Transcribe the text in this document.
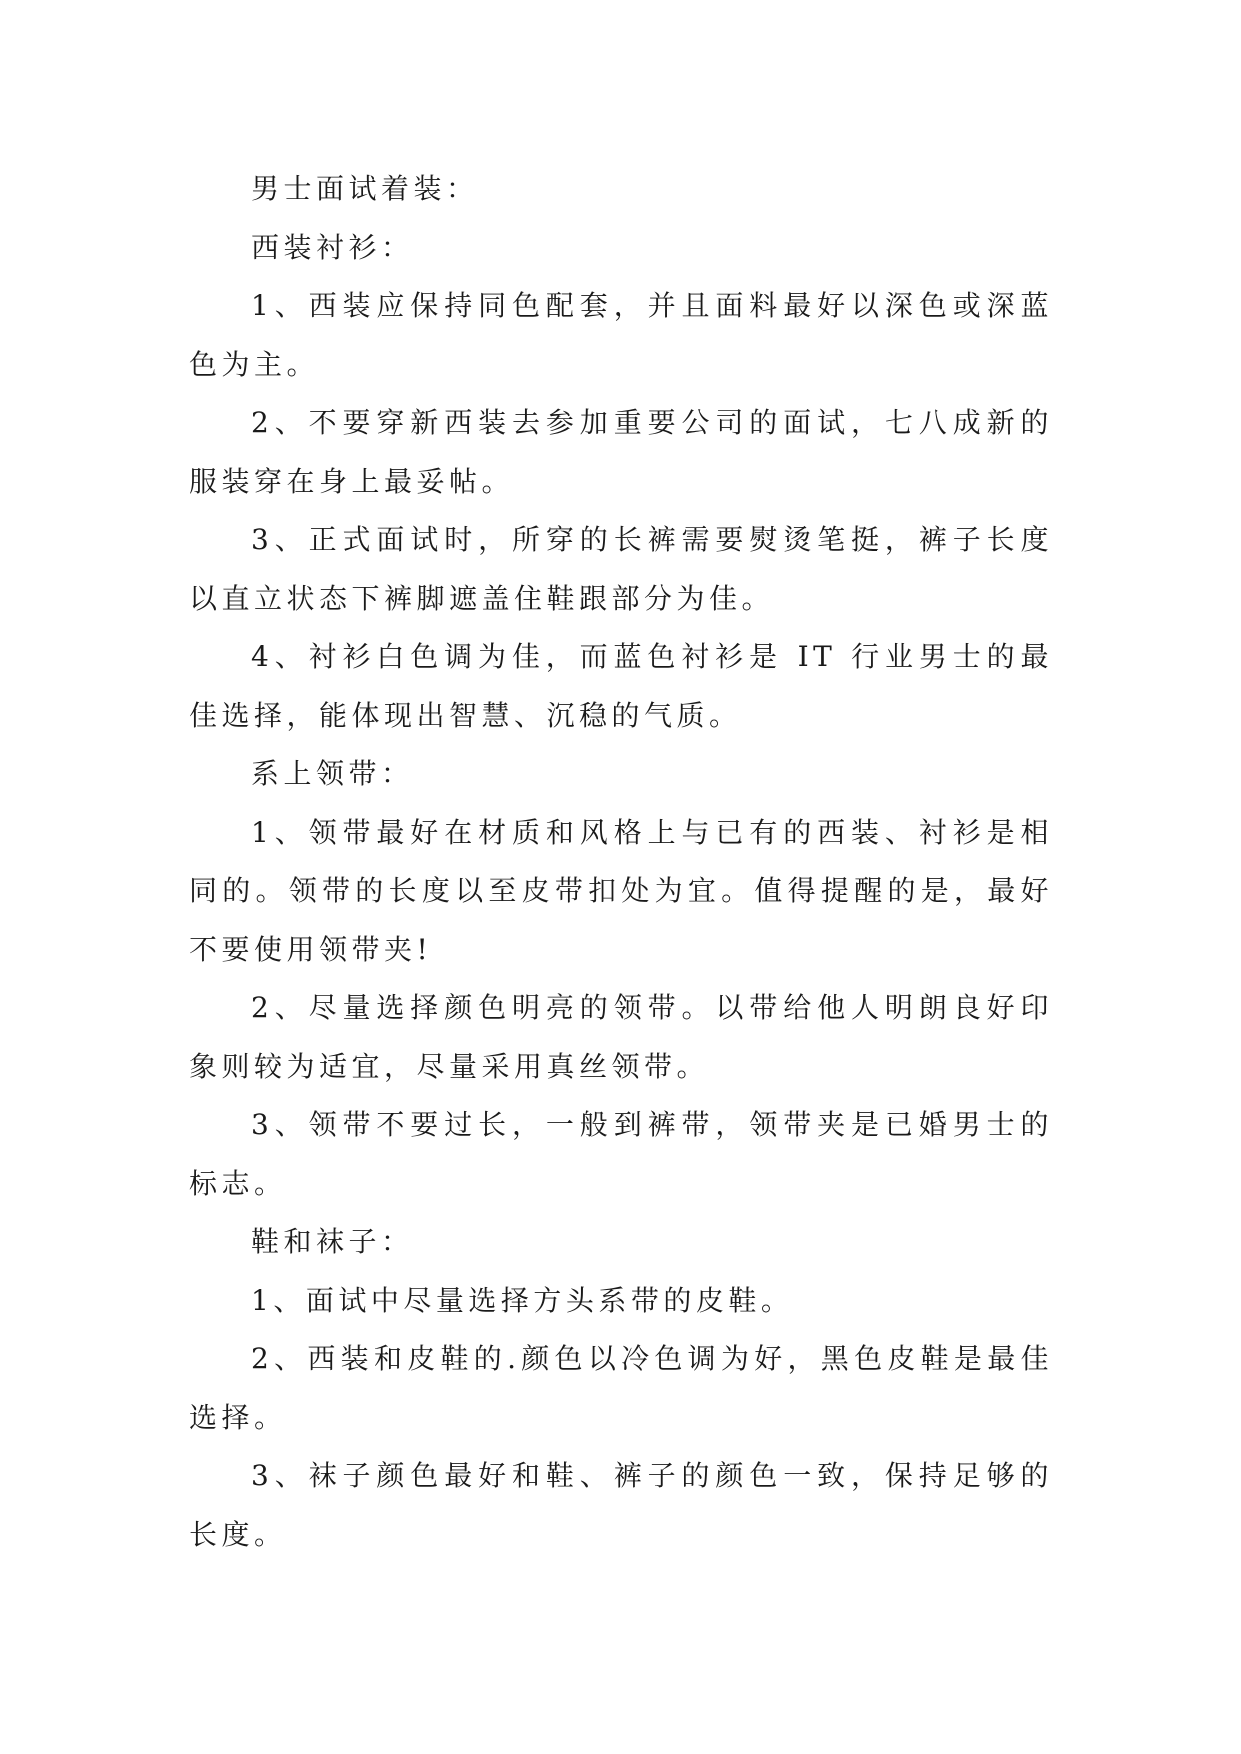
男士面试着装：

西装衬衫：

1、西装应保持同色配套，并且面料最好以深色或深蓝色为主。

2、不要穿新西装去参加重要公司的面试，七八成新的服装穿在身上最妥帖。

3、正式面试时，所穿的长裤需要熨烫笔挺，裤子长度以直立状态下裤脚遮盖住鞋跟部分为佳。

4、衬衫白色调为佳，而蓝色衬衫是 IT 行业男士的最佳选择，能体现出智慧、沉稳的气质。

系上领带：

1、领带最好在材质和风格上与已有的西装、衬衫是相同的。领带的长度以至皮带扣处为宜。值得提醒的是，最好不要使用领带夹!

2、尽量选择颜色明亮的领带。以带给他人明朗良好印象则较为适宜，尽量采用真丝领带。

3、领带不要过长，一般到裤带，领带夹是已婚男士的标志。

鞋和袜子：

1、面试中尽量选择方头系带的皮鞋。

2、西装和皮鞋的.颜色以冷色调为好，黑色皮鞋是最佳选择。

3、袜子颜色最好和鞋、裤子的颜色一致，保持足够的长度。
